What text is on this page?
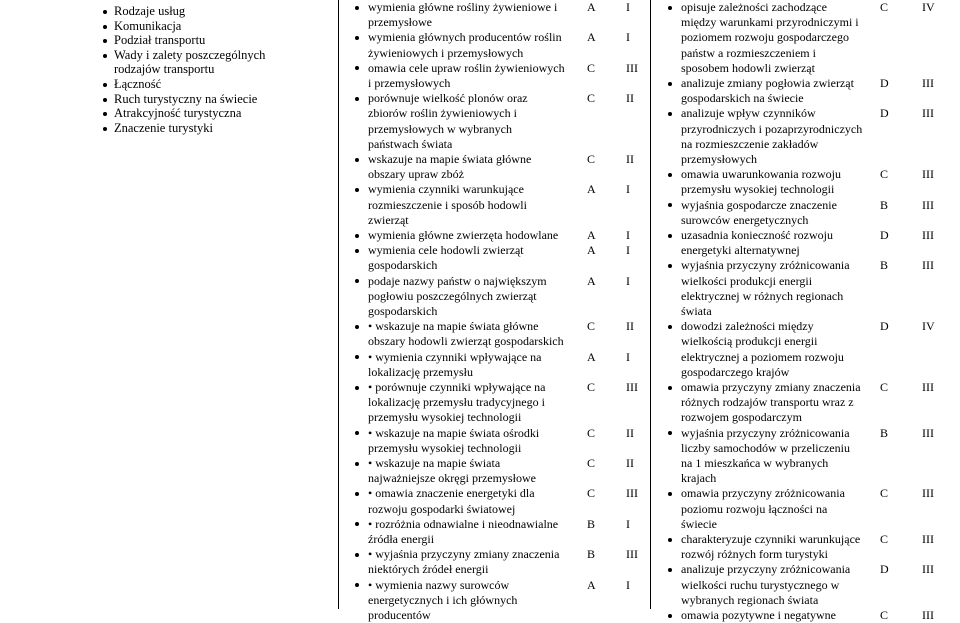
Rodzaje usług
Komunikacja
Podział transportu
Wady i zalety poszczególnych
rodzajów transportu
Łączność
Ruch turystyczny na świecie
Atrakcyjność turystyczna
Znaczenie turystyki
wymienia główne rośliny żywieniowe i
przemysłowe
A	I
wymienia głównych producentów roślin
żywieniowych i przemysłowych
A	I
omawia cele upraw roślin żywieniowych
i przemysłowych
C	III
porównuje wielkość plonów oraz
zbiorów roślin żywieniowych i
przemysłowych w wybranych
państwach świata
C	II
wskazuje na mapie świata główne
obszary upraw zbóż
C	II
wymienia czynniki warunkujące
rozmieszczenie i sposób hodowli
zwierząt
A	I
wymienia główne zwierzęta hodowlane A	I
wymienia cele hodowli zwierząt
gospodarskich
A	I
podaje nazwy państw o największym
pogłowiu poszczególnych zwierząt
gospodarskich
A	I
• wskazuje na mapie świata główne
obszary hodowli zwierząt gospodarskich
C	II
• wymienia czynniki wpływające na
lokalizację przemysłu
A	I
• porównuje czynniki wpływające na
lokalizację przemysłu tradycyjnego i
przemysłu wysokiej technologii
C	III
• wskazuje na mapie świata ośrodki
przemysłu wysokiej technologii
C	II
• wskazuje na mapie świata
najważniejsze okręgi przemysłowe
C	II
• omawia znaczenie energetyki dla
rozwoju gospodarki światowej
C	III
• rozróżnia odnawialne i nieodnawialne
źródła energii
B	I
• wyjaśnia przyczyny zmiany znaczenia
niektórych źródeł energii
B	III
• wymienia nazwy surowców
energetycznych i ich głównych
producentów
A	I
opisuje zależności zachodzące
między warunkami przyrodniczymi i
poziomem rozwoju gospodarczego
państw a rozmieszczeniem i
sposobem hodowli zwierząt
C	IV
analizuje zmiany pogłowia zwierząt
gospodarskich na świecie
D	III
analizuje wpływ czynników
przyrodniczych i pozaprzyrodniczych
na rozmieszczenie zakładów
przemysłowych
D	III
omawia uwarunkowania rozwoju
przemysłu wysokiej technologii
C	III
wyjaśnia gospodarcze znaczenie
surowców energetycznych
B	III
uzasadnia konieczność rozwoju
energetyki alternatywnej
D	III
wyjaśnia przyczyny zróżnicowania
wielkości produkcji energii
elektrycznej w różnych regionach
świata
B	III
dowodzi zależności między
wielkością produkcji energii
elektrycznej a poziomem rozwoju
gospodarczego krajów
D	IV
omawia przyczyny zmiany znaczenia
różnych rodzajów transportu wraz z
rozwojem gospodarczym
C	III
wyjaśnia przyczyny zróżnicowania
liczby samochodów w przeliczeniu
na 1 mieszkańca w wybranych
krajach
B	III
omawia przyczyny zróżnicowania
poziomu rozwoju łączności na
świecie
C	III
charakteryzuje czynniki warunkujące
rozwój różnych form turystyki
C	III
analizuje przyczyny zróżnicowania
wielkości ruchu turystycznego w
wybranych regionach świata
D	III
omawia pozytywne i negatywne	C	III
